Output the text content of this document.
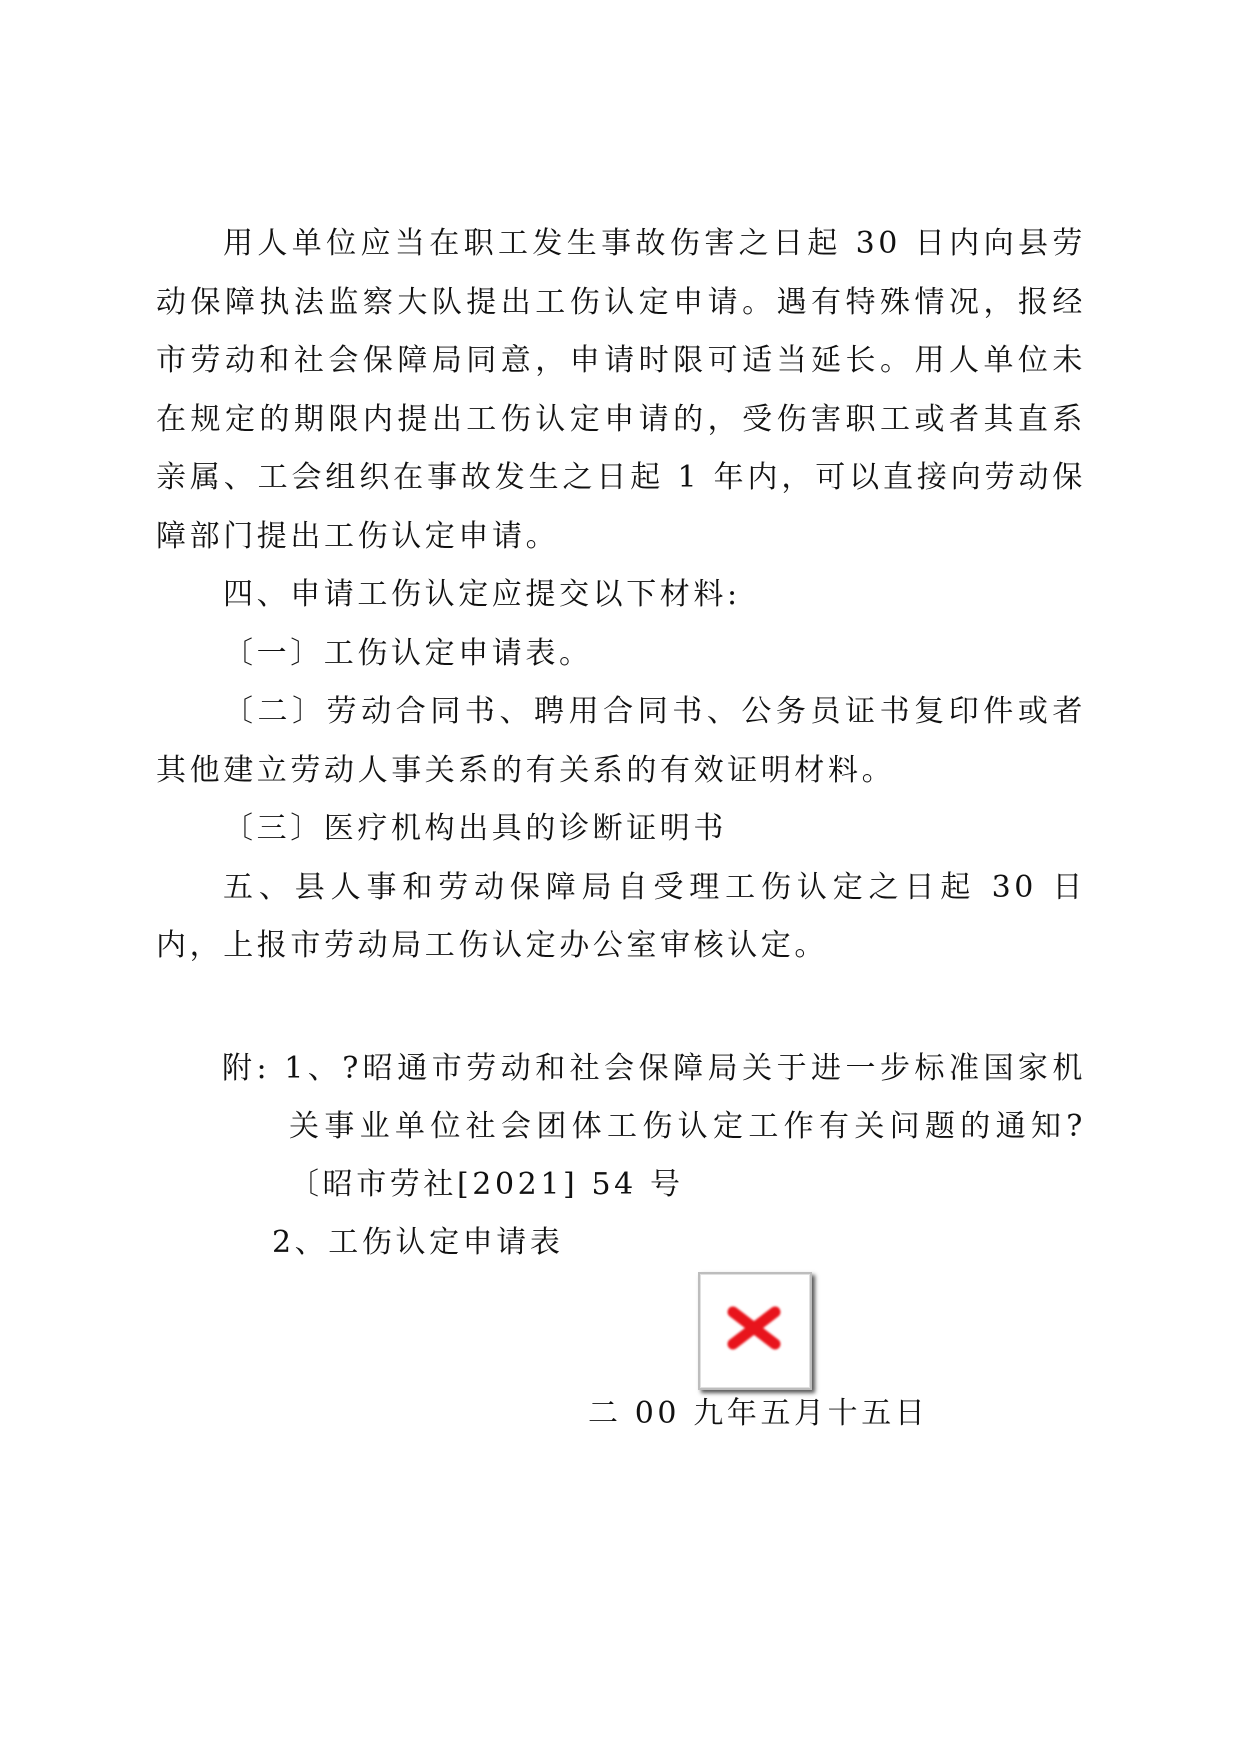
用人单位应当在职工发生事故伤害之日起 30 日内向县劳动保障执法监察大队提出工伤认定申请。遇有特殊情况，报经市劳动和社会保障局同意，申请时限可适当延长。用人单位未在规定的期限内提出工伤认定申请的，受伤害职工或者其直系亲属、工会组织在事故发生之日起 1 年内，可以直接向劳动保障部门提出工伤认定申请。

四、申请工伤认定应提交以下材料:

〔一〕工伤认定申请表。

〔二〕劳动合同书、聘用合同书、公务员证书复印件或者其他建立劳动人事关系的有关系的有效证明材料。

〔三〕医疗机构出具的诊断证明书

五、县人事和劳动保障局自受理工伤认定之日起 30 日内，上报市劳动局工伤认定办公室审核认定。

附: 1、?昭通市劳动和社会保障局关于进一步标准国家机关事业单位社会团体工伤认定工作有关问题的通知?〔昭市劳社[2021] 54 号

2、工伤认定申请表

二 00 九年五月十五日
